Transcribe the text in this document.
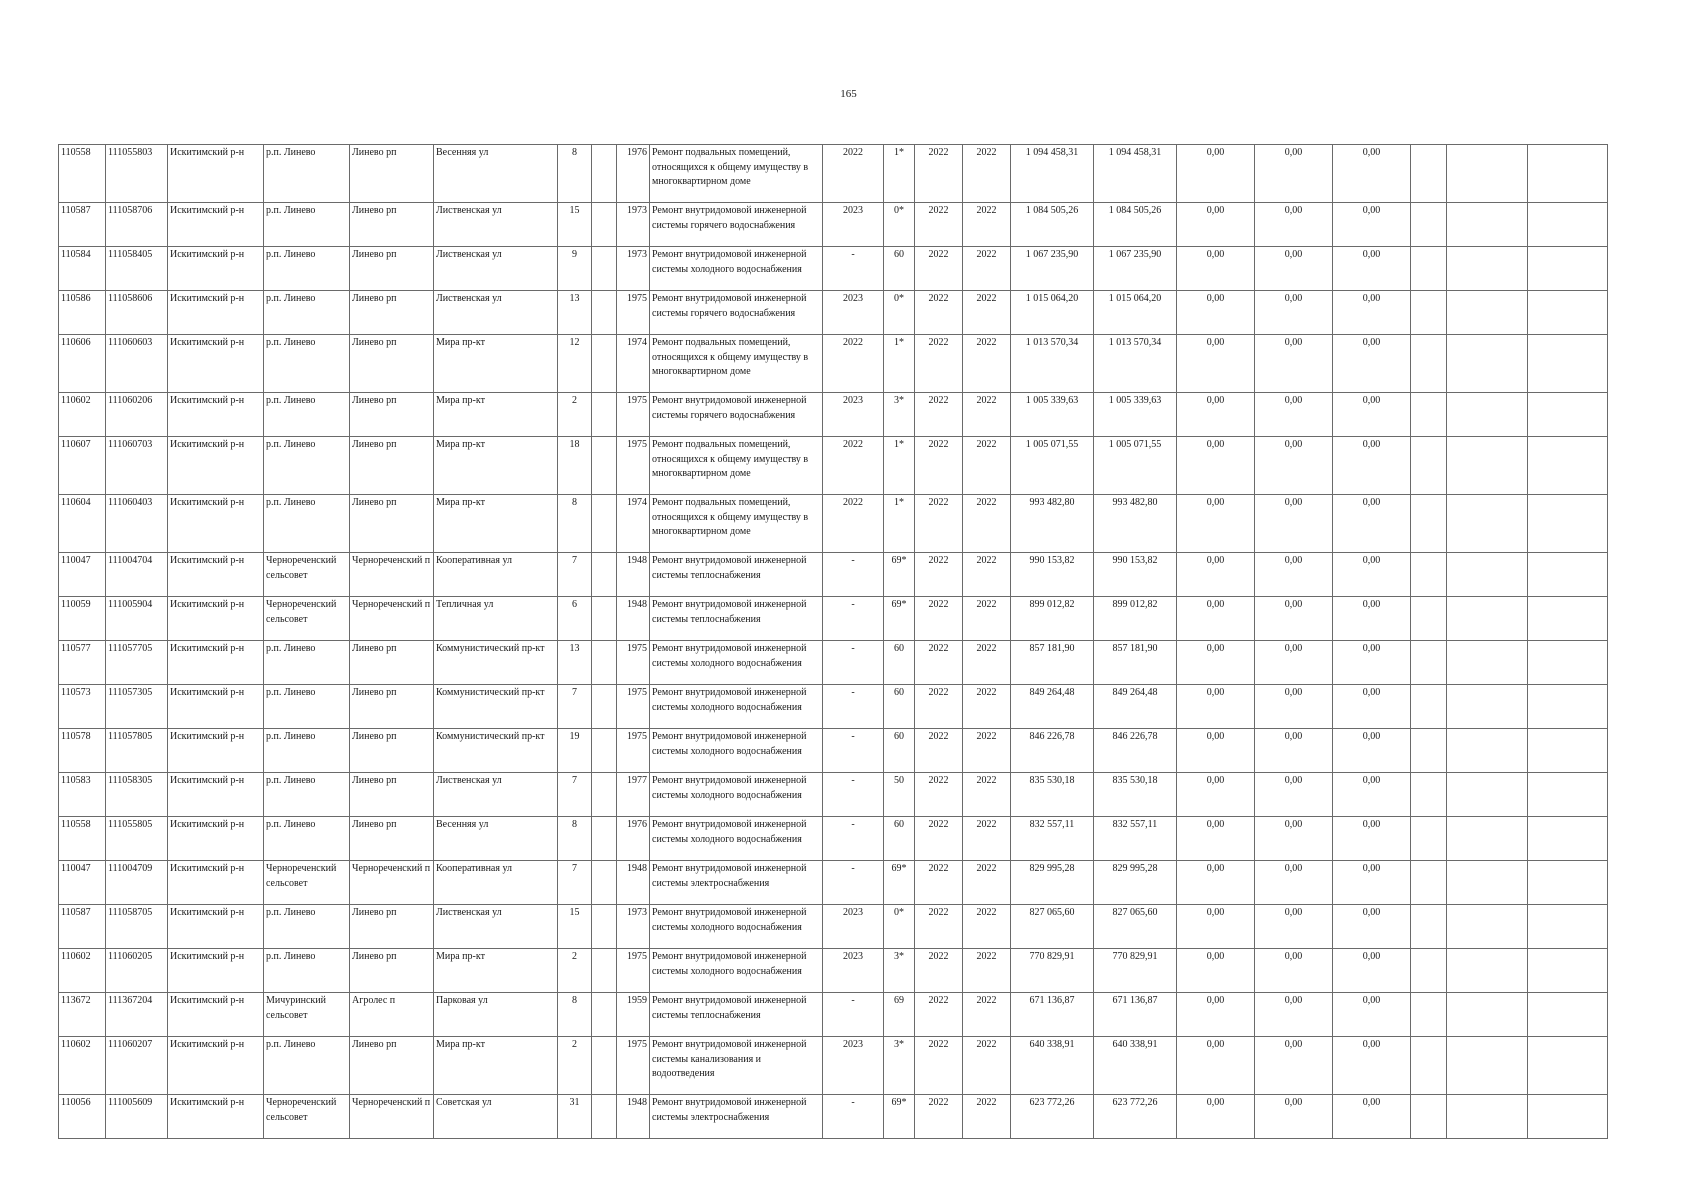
165
110558	111055803	Искитимский р-н	р.п. Линево	Линево рп	Весенняя ул	8		1976	Ремонт подвальных помещений, относящихся к общему имуществу в многоквартирном доме	2022	1*	2022	2022	1 094 458,31	1 094 458,31	0,00	0,00	0,00			
110587	111058706	Искитимский р-н	р.п. Линево	Линево рп	Лиственская ул	15		1973	Ремонт внутридомовой инженерной системы горячего водоснабжения	2023	0*	2022	2022	1 084 505,26	1 084 505,26	0,00	0,00	0,00			
110584	111058405	Искитимский р-н	р.п. Линево	Линево рп	Лиственская ул	9		1973	Ремонт внутридомовой инженерной системы холодного водоснабжения	-	60	2022	2022	1 067 235,90	1 067 235,90	0,00	0,00	0,00			
110586	111058606	Искитимский р-н	р.п. Линево	Линево рп	Лиственская ул	13		1975	Ремонт внутридомовой инженерной системы горячего водоснабжения	2023	0*	2022	2022	1 015 064,20	1 015 064,20	0,00	0,00	0,00			
110606	111060603	Искитимский р-н	р.п. Линево	Линево рп	Мира пр-кт	12		1974	Ремонт подвальных помещений, относящихся к общему имуществу в многоквартирном доме	2022	1*	2022	2022	1 013 570,34	1 013 570,34	0,00	0,00	0,00			
110602	111060206	Искитимский р-н	р.п. Линево	Линево рп	Мира пр-кт	2		1975	Ремонт внутридомовой инженерной системы горячего водоснабжения	2023	3*	2022	2022	1 005 339,63	1 005 339,63	0,00	0,00	0,00			
110607	111060703	Искитимский р-н	р.п. Линево	Линево рп	Мира пр-кт	18		1975	Ремонт подвальных помещений, относящихся к общему имуществу в многоквартирном доме	2022	1*	2022	2022	1 005 071,55	1 005 071,55	0,00	0,00	0,00			
110604	111060403	Искитимский р-н	р.п. Линево	Линево рп	Мира пр-кт	8		1974	Ремонт подвальных помещений, относящихся к общему имуществу в многоквартирном доме	2022	1*	2022	2022	993 482,80	993 482,80	0,00	0,00	0,00			
110047	111004704	Искитимский р-н	Чернореченский сельсовет	Чернореченский п	Кооперативная ул	7		1948	Ремонт внутридомовой инженерной системы теплоснабжения	-	69*	2022	2022	990 153,82	990 153,82	0,00	0,00	0,00			
110059	111005904	Искитимский р-н	Чернореченский сельсовет	Чернореченский п	Тепличная ул	6		1948	Ремонт внутридомовой инженерной системы теплоснабжения	-	69*	2022	2022	899 012,82	899 012,82	0,00	0,00	0,00			
110577	111057705	Искитимский р-н	р.п. Линево	Линево рп	Коммунистический пр-кт	13		1975	Ремонт внутридомовой инженерной системы холодного водоснабжения	-	60	2022	2022	857 181,90	857 181,90	0,00	0,00	0,00			
110573	111057305	Искитимский р-н	р.п. Линево	Линево рп	Коммунистический пр-кт	7		1975	Ремонт внутридомовой инженерной системы холодного водоснабжения	-	60	2022	2022	849 264,48	849 264,48	0,00	0,00	0,00			
110578	111057805	Искитимский р-н	р.п. Линево	Линево рп	Коммунистический пр-кт	19		1975	Ремонт внутридомовой инженерной системы холодного водоснабжения	-	60	2022	2022	846 226,78	846 226,78	0,00	0,00	0,00			
110583	111058305	Искитимский р-н	р.п. Линево	Линево рп	Лиственская ул	7		1977	Ремонт внутридомовой инженерной системы холодного водоснабжения	-	50	2022	2022	835 530,18	835 530,18	0,00	0,00	0,00			
110558	111055805	Искитимский р-н	р.п. Линево	Линево рп	Весенняя ул	8		1976	Ремонт внутридомовой инженерной системы холодного водоснабжения	-	60	2022	2022	832 557,11	832 557,11	0,00	0,00	0,00			
110047	111004709	Искитимский р-н	Чернореченский сельсовет	Чернореченский п	Кооперативная ул	7		1948	Ремонт внутридомовой инженерной системы электроснабжения	-	69*	2022	2022	829 995,28	829 995,28	0,00	0,00	0,00			
110587	111058705	Искитимский р-н	р.п. Линево	Линево рп	Лиственская ул	15		1973	Ремонт внутридомовой инженерной системы холодного водоснабжения	2023	0*	2022	2022	827 065,60	827 065,60	0,00	0,00	0,00			
110602	111060205	Искитимский р-н	р.п. Линево	Линево рп	Мира пр-кт	2		1975	Ремонт внутридомовой инженерной системы холодного водоснабжения	2023	3*	2022	2022	770 829,91	770 829,91	0,00	0,00	0,00			
113672	111367204	Искитимский р-н	Мичуринский сельсовет	Агролес п	Парковая ул	8		1959	Ремонт внутридомовой инженерной системы теплоснабжения	-	69	2022	2022	671 136,87	671 136,87	0,00	0,00	0,00			
110602	111060207	Искитимский р-н	р.п. Линево	Линево рп	Мира пр-кт	2		1975	Ремонт внутридомовой инженерной системы канализования и водоотведения	2023	3*	2022	2022	640 338,91	640 338,91	0,00	0,00	0,00			
110056	111005609	Искитимский р-н	Чернореченский сельсовет	Чернореченский п	Советская ул	31		1948	Ремонт внутридомовой инженерной системы электроснабжения	-	69*	2022	2022	623 772,26	623 772,26	0,00	0,00	0,00			
